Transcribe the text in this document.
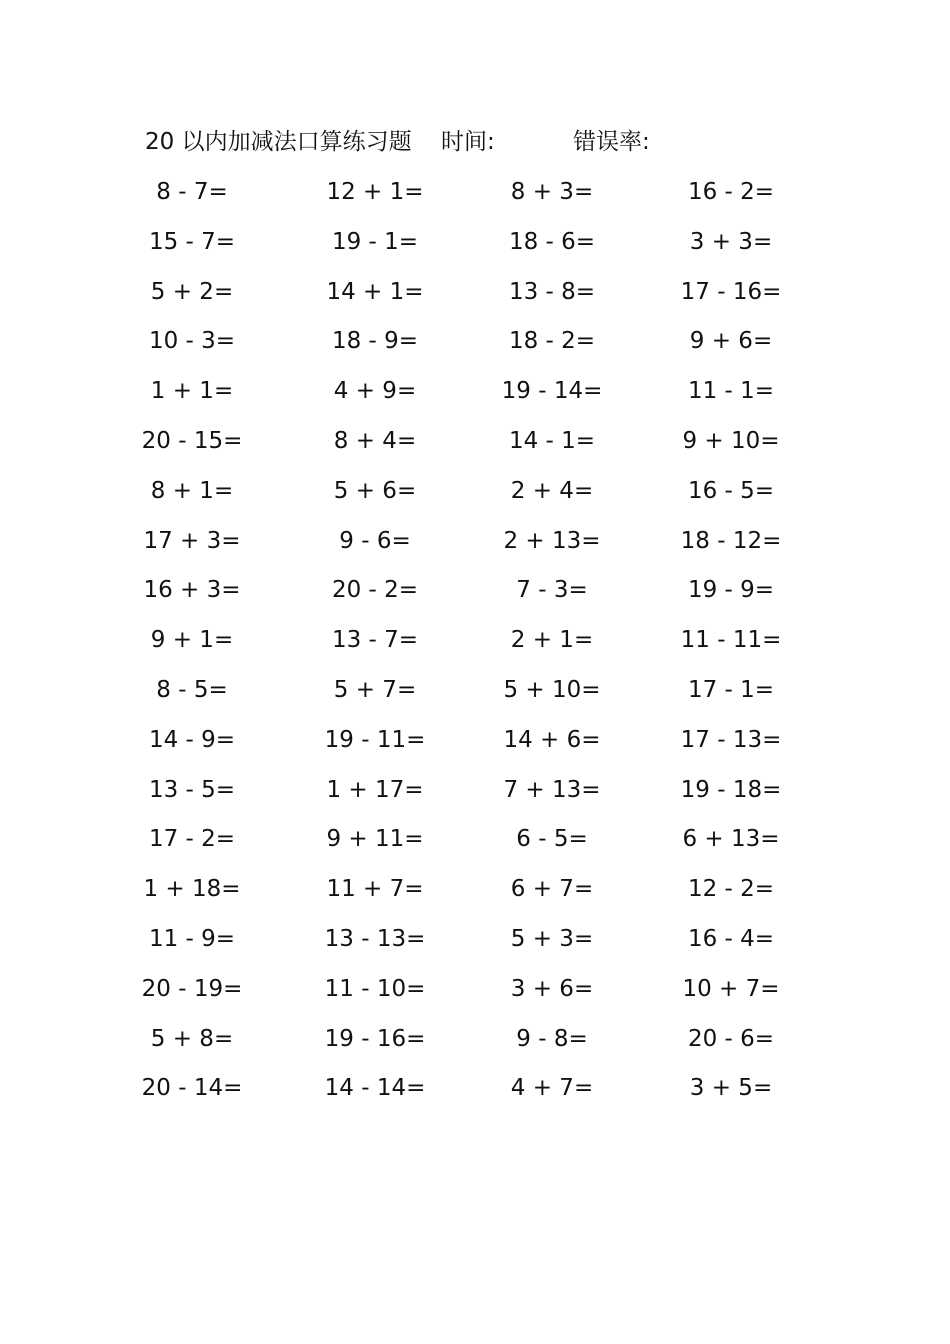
20 以内加减法口算练习题 时间:	错误率:
8 - 7=	12 + 1=	8 + 3=	16 - 2=
15 - 7=	19 - 1=	18 - 6=	3 + 3=
5 + 2=	14 + 1=	13 - 8=	17 - 16=
10 - 3=	18 - 9=	18 - 2=	9 + 6=
1 + 1=	4 + 9=	19 - 14=	11 - 1=
20 - 15=	8 + 4=	14 - 1=	9 + 10=
8 + 1=	5 + 6=	2 + 4=	16 - 5=
17 + 3=	9 - 6=	2 + 13=	18 - 12=
16 + 3=	20 - 2=	7 - 3=	19 - 9=
9 + 1=	13 - 7=	2 + 1=	11 - 11=
8 - 5=	5 + 7=	5 + 10=	17 - 1=
14 - 9=	19 - 11=	14 + 6=	17 - 13=
13 - 5=	1 + 17=	7 + 13=	19 - 18=
17 - 2=	9 + 11=	6 - 5=	6 + 13=
1 + 18=	11 + 7=	6 + 7=	12 - 2=
11 - 9=	13 - 13=	5 + 3=	16 - 4=
20 - 19=	11 - 10=	3 + 6=	10 + 7=
5 + 8=	19 - 16=	9 - 8=	20 - 6=
20 - 14=	14 - 14=	4 + 7=	3 + 5=
